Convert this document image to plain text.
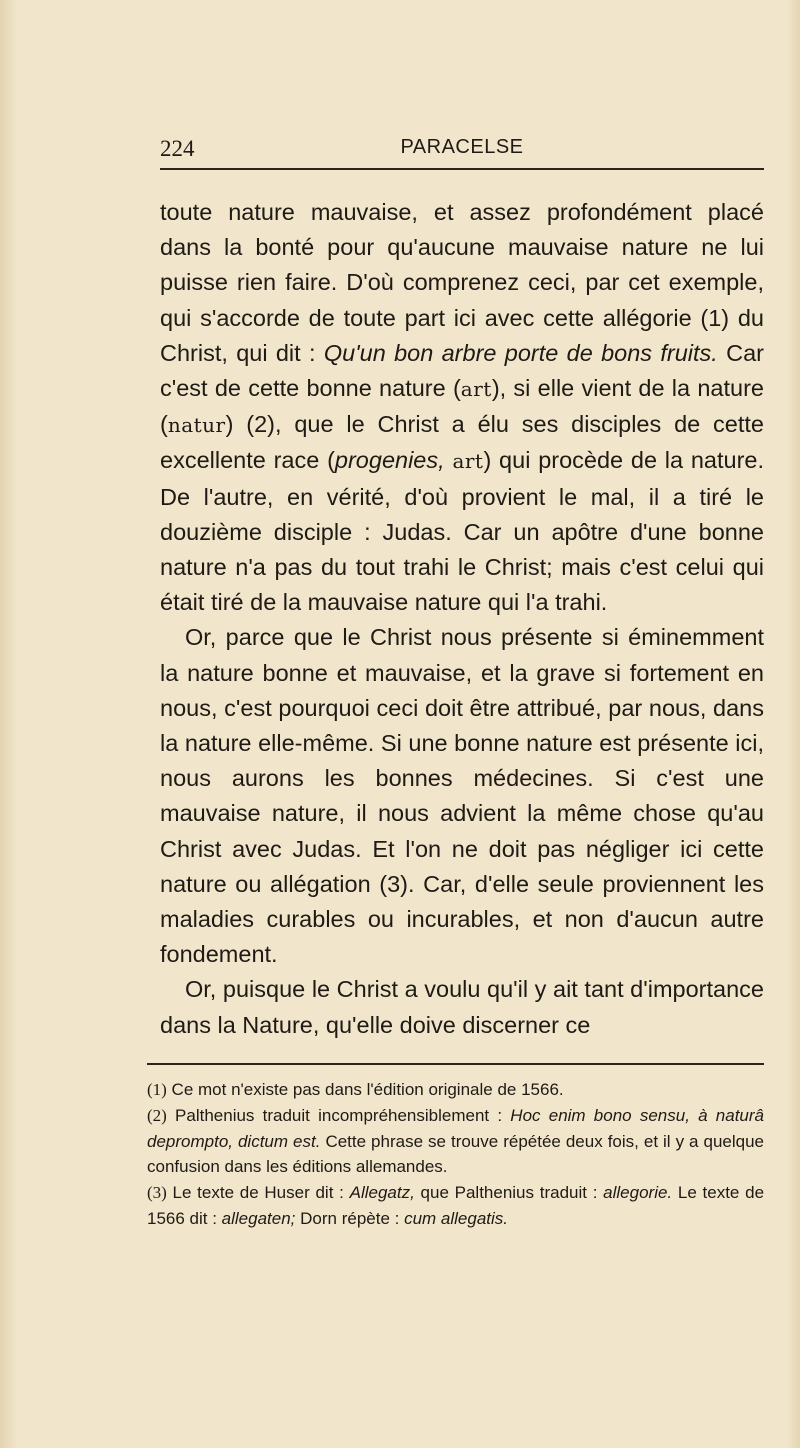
224	PARACELSE

toute nature mauvaise, et assez profondément placé dans la bonté pour qu'aucune mauvaise nature ne lui puisse rien faire. D'où comprenez ceci, par cet exemple, qui s'accorde de toute part ici avec cette allégorie (1) du Christ, qui dit : Qu'un bon arbre porte de bons fruits. Car c'est de cette bonne nature (art), si elle vient de la nature (natur) (2), que le Christ a élu ses disciples de cette excellente race (progenies, art) qui procède de la nature. De l'autre, en vérité, d'où provient le mal, il a tiré le douzième disciple : Judas. Car un apôtre d'une bonne nature n'a pas du tout trahi le Christ; mais c'est celui qui était tiré de la mauvaise nature qui l'a trahi.

Or, parce que le Christ nous présente si éminemment la nature bonne et mauvaise, et la grave si fortement en nous, c'est pourquoi ceci doit être attribué, par nous, dans la nature elle-même. Si une bonne nature est présente ici, nous aurons les bonnes médecines. Si c'est une mauvaise nature, il nous advient la même chose qu'au Christ avec Judas. Et l'on ne doit pas négliger ici cette nature ou allégation (3). Car, d'elle seule proviennent les maladies curables ou incurables, et non d'aucun autre fondement.

Or, puisque le Christ a voulu qu'il y ait tant d'importance dans la Nature, qu'elle doive discerner ce

(1) Ce mot n'existe pas dans l'édition originale de 1566.

(2) Palthenius traduit incompréhensiblement : Hoc enim bono sensu, à naturâ deprompto, dictum est. Cette phrase se trouve répétée deux fois, et il y a quelque confusion dans les éditions allemandes.

(3) Le texte de Huser dit : Allegatz, que Palthenius traduit : allegorie. Le texte de 1566 dit : allegaten; Dorn répète : cum allegatis.
